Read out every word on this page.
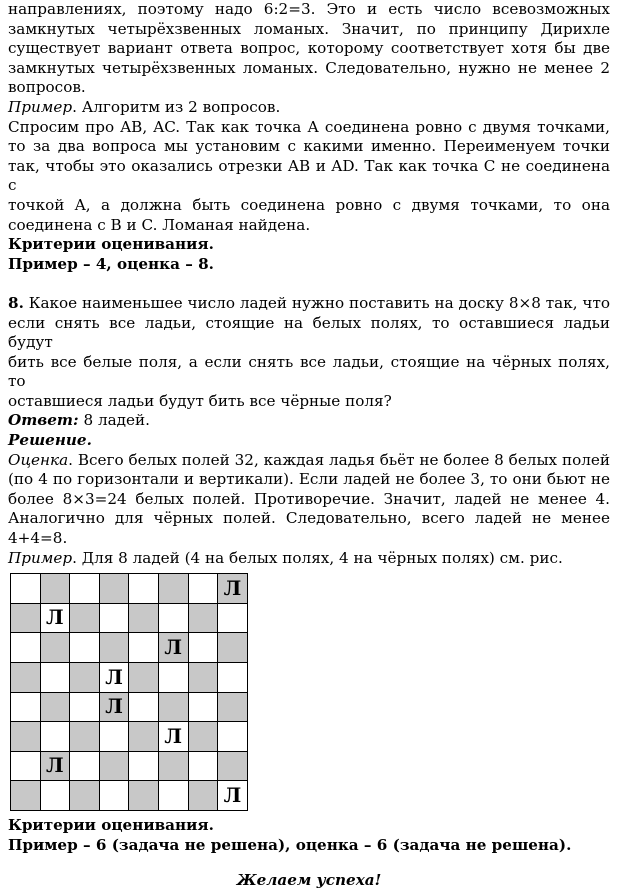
направлениях, поэтому надо 6:2=3. Это и есть число всевозможных

замкнутых четырёхзвенных ломаных. Значит, по принципу Дирихле

существует вариант ответа вопрос, которому соответствует хотя бы две

замкнутых четырёхзвенных ломаных. Следовательно, нужно не менее 2

вопросов.

Пример. Алгоритм из 2 вопросов.

Спросим про AB, AC. Так как точка А соединена ровно с двумя точками,

то за два вопроса мы установим с какими именно. Переименуем точки

так, чтобы это оказались отрезки AB и AD. Так как точка C не соединена с

точкой A, а должна быть соединена ровно с двумя точками, то она

соединена с B и C. Ломаная найдена.

Критерии оценивания.

Пример – 4, оценка – 8.

8. Какое наименьшее число ладей нужно поставить на доску 8×8 так, что

если снять все ладьи, стоящие на белых полях, то оставшиеся ладьи будут

бить все белые поля, а если снять все ладьи, стоящие на чёрных полях, то

оставшиеся ладьи будут бить все чёрные поля?

Ответ: 8 ладей.

Решение.

Оценка. Всего белых полей 32, каждая ладья бьёт не более 8 белых полей

(по 4 по горизонтали и вертикали). Если ладей не более 3, то они бьют не

более 8×3=24 белых полей. Противоречие. Значит, ладей не менее 4.

Аналогично для чёрных полей. Следовательно, всего ладей не менее

4+4=8.

Пример. Для 8 ладей (4 на белых полях, 4 на чёрных полях) см. рис.

Л
Л
Л
Л
Л
Л
Л
Л

Критерии оценивания.

Пример – 6 (задача не решена), оценка – 6 (задача не решена).

Желаем успеха!
